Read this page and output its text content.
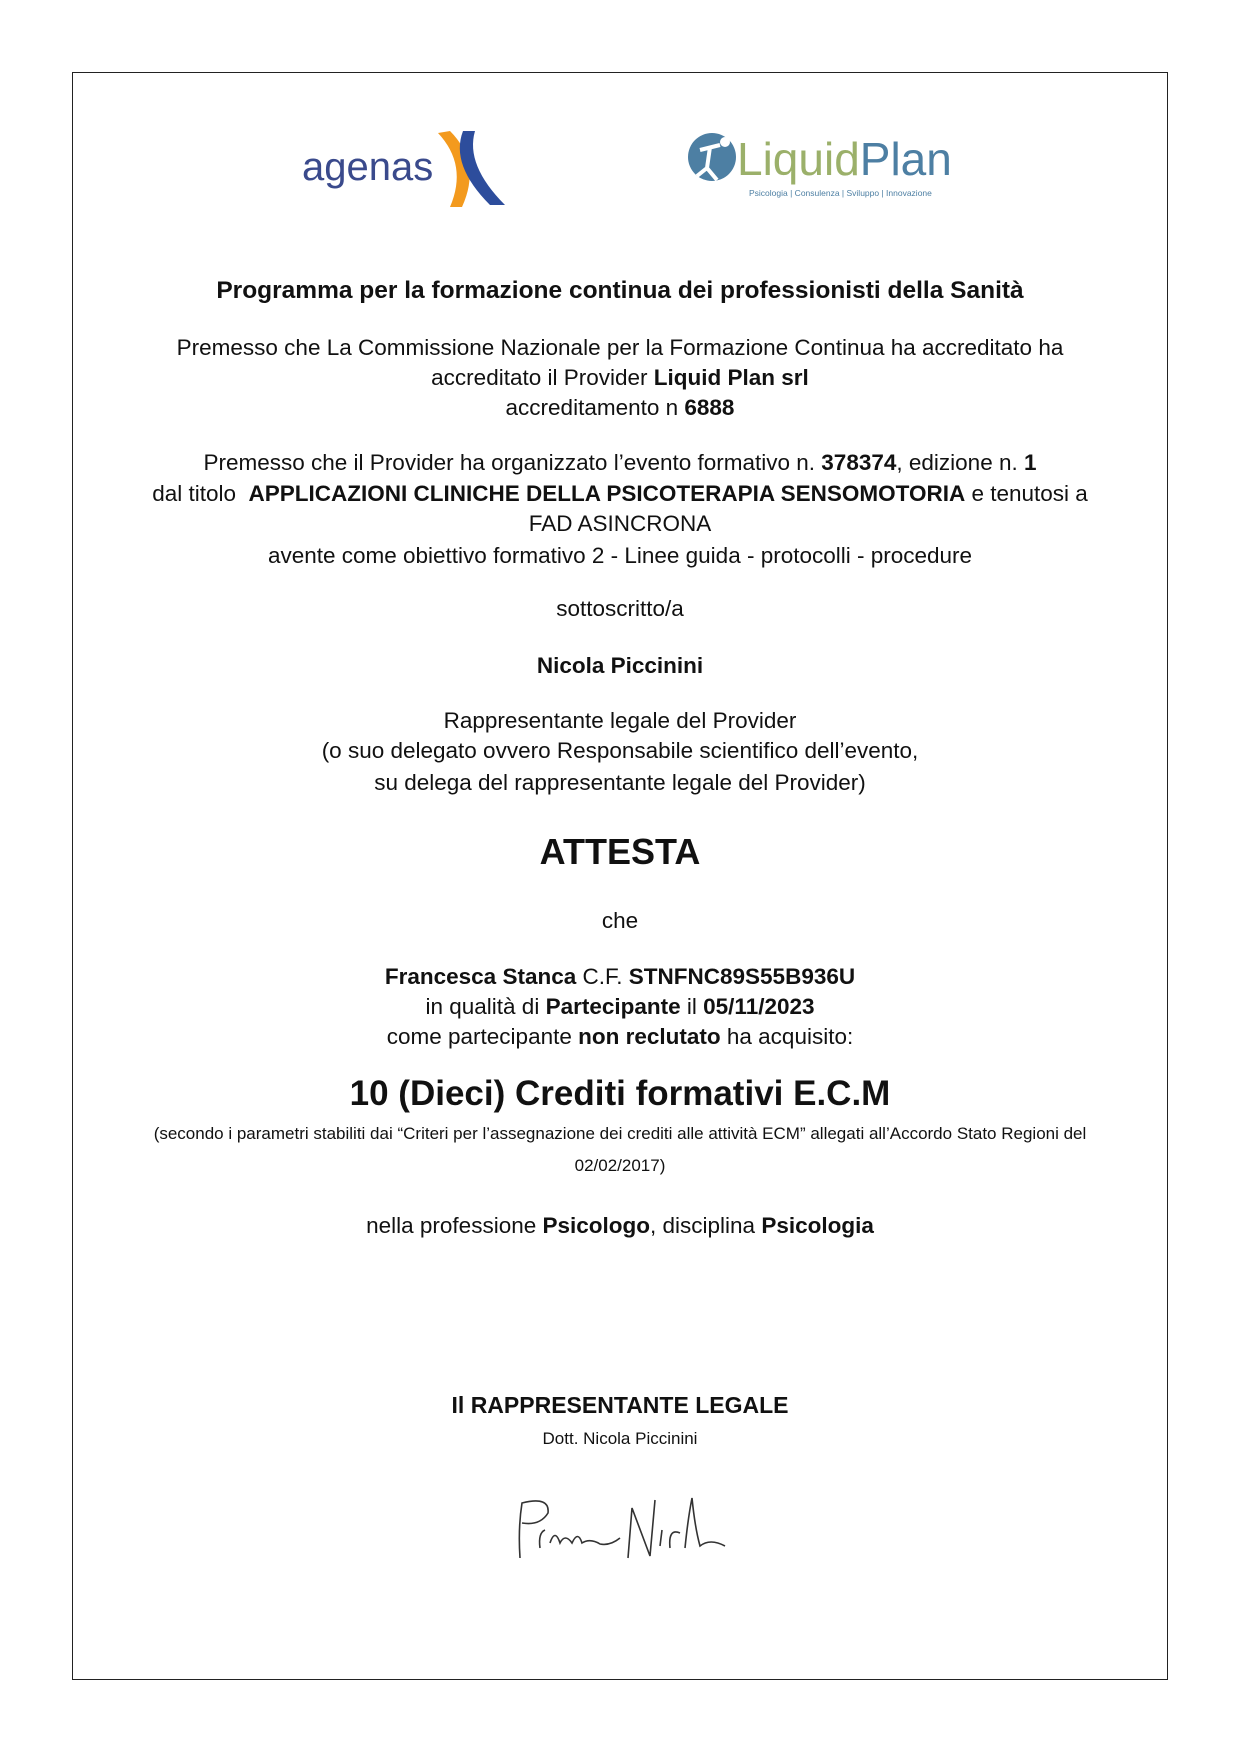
agenas	LiquidPlan
Psicologia | Consulenza | Sviluppo | Innovazione
Programma per la formazione continua dei professionisti della Sanità
Premesso che La Commissione Nazionale per la Formazione Continua ha accreditato ha
accreditato il Provider Liquid Plan srl
accreditamento n 6888
Premesso che il Provider ha organizzato l’evento formativo n. 378374, edizione n. 1
dal titolo  APPLICAZIONI CLINICHE DELLA PSICOTERAPIA SENSOMOTORIA e tenutosi a
FAD ASINCRONA
avente come obiettivo formativo 2 - Linee guida - protocolli - procedure
sottoscritto/a
Nicola Piccinini
Rappresentante legale del Provider
(o suo delegato ovvero Responsabile scientifico dell’evento,
su delega del rappresentante legale del Provider)
ATTESTA
che
Francesca Stanca C.F. STNFNC89S55B936U
in qualità di Partecipante il 05/11/2023
come partecipante non reclutato ha acquisito:
10 (Dieci) Crediti formativi E.C.M
(secondo i parametri stabiliti dai “Criteri per l’assegnazione dei crediti alle attività ECM” allegati all’Accordo Stato Regioni del
02/02/2017)
nella professione Psicologo, disciplina Psicologia
Il RAPPRESENTANTE LEGALE
Dott. Nicola Piccinini
